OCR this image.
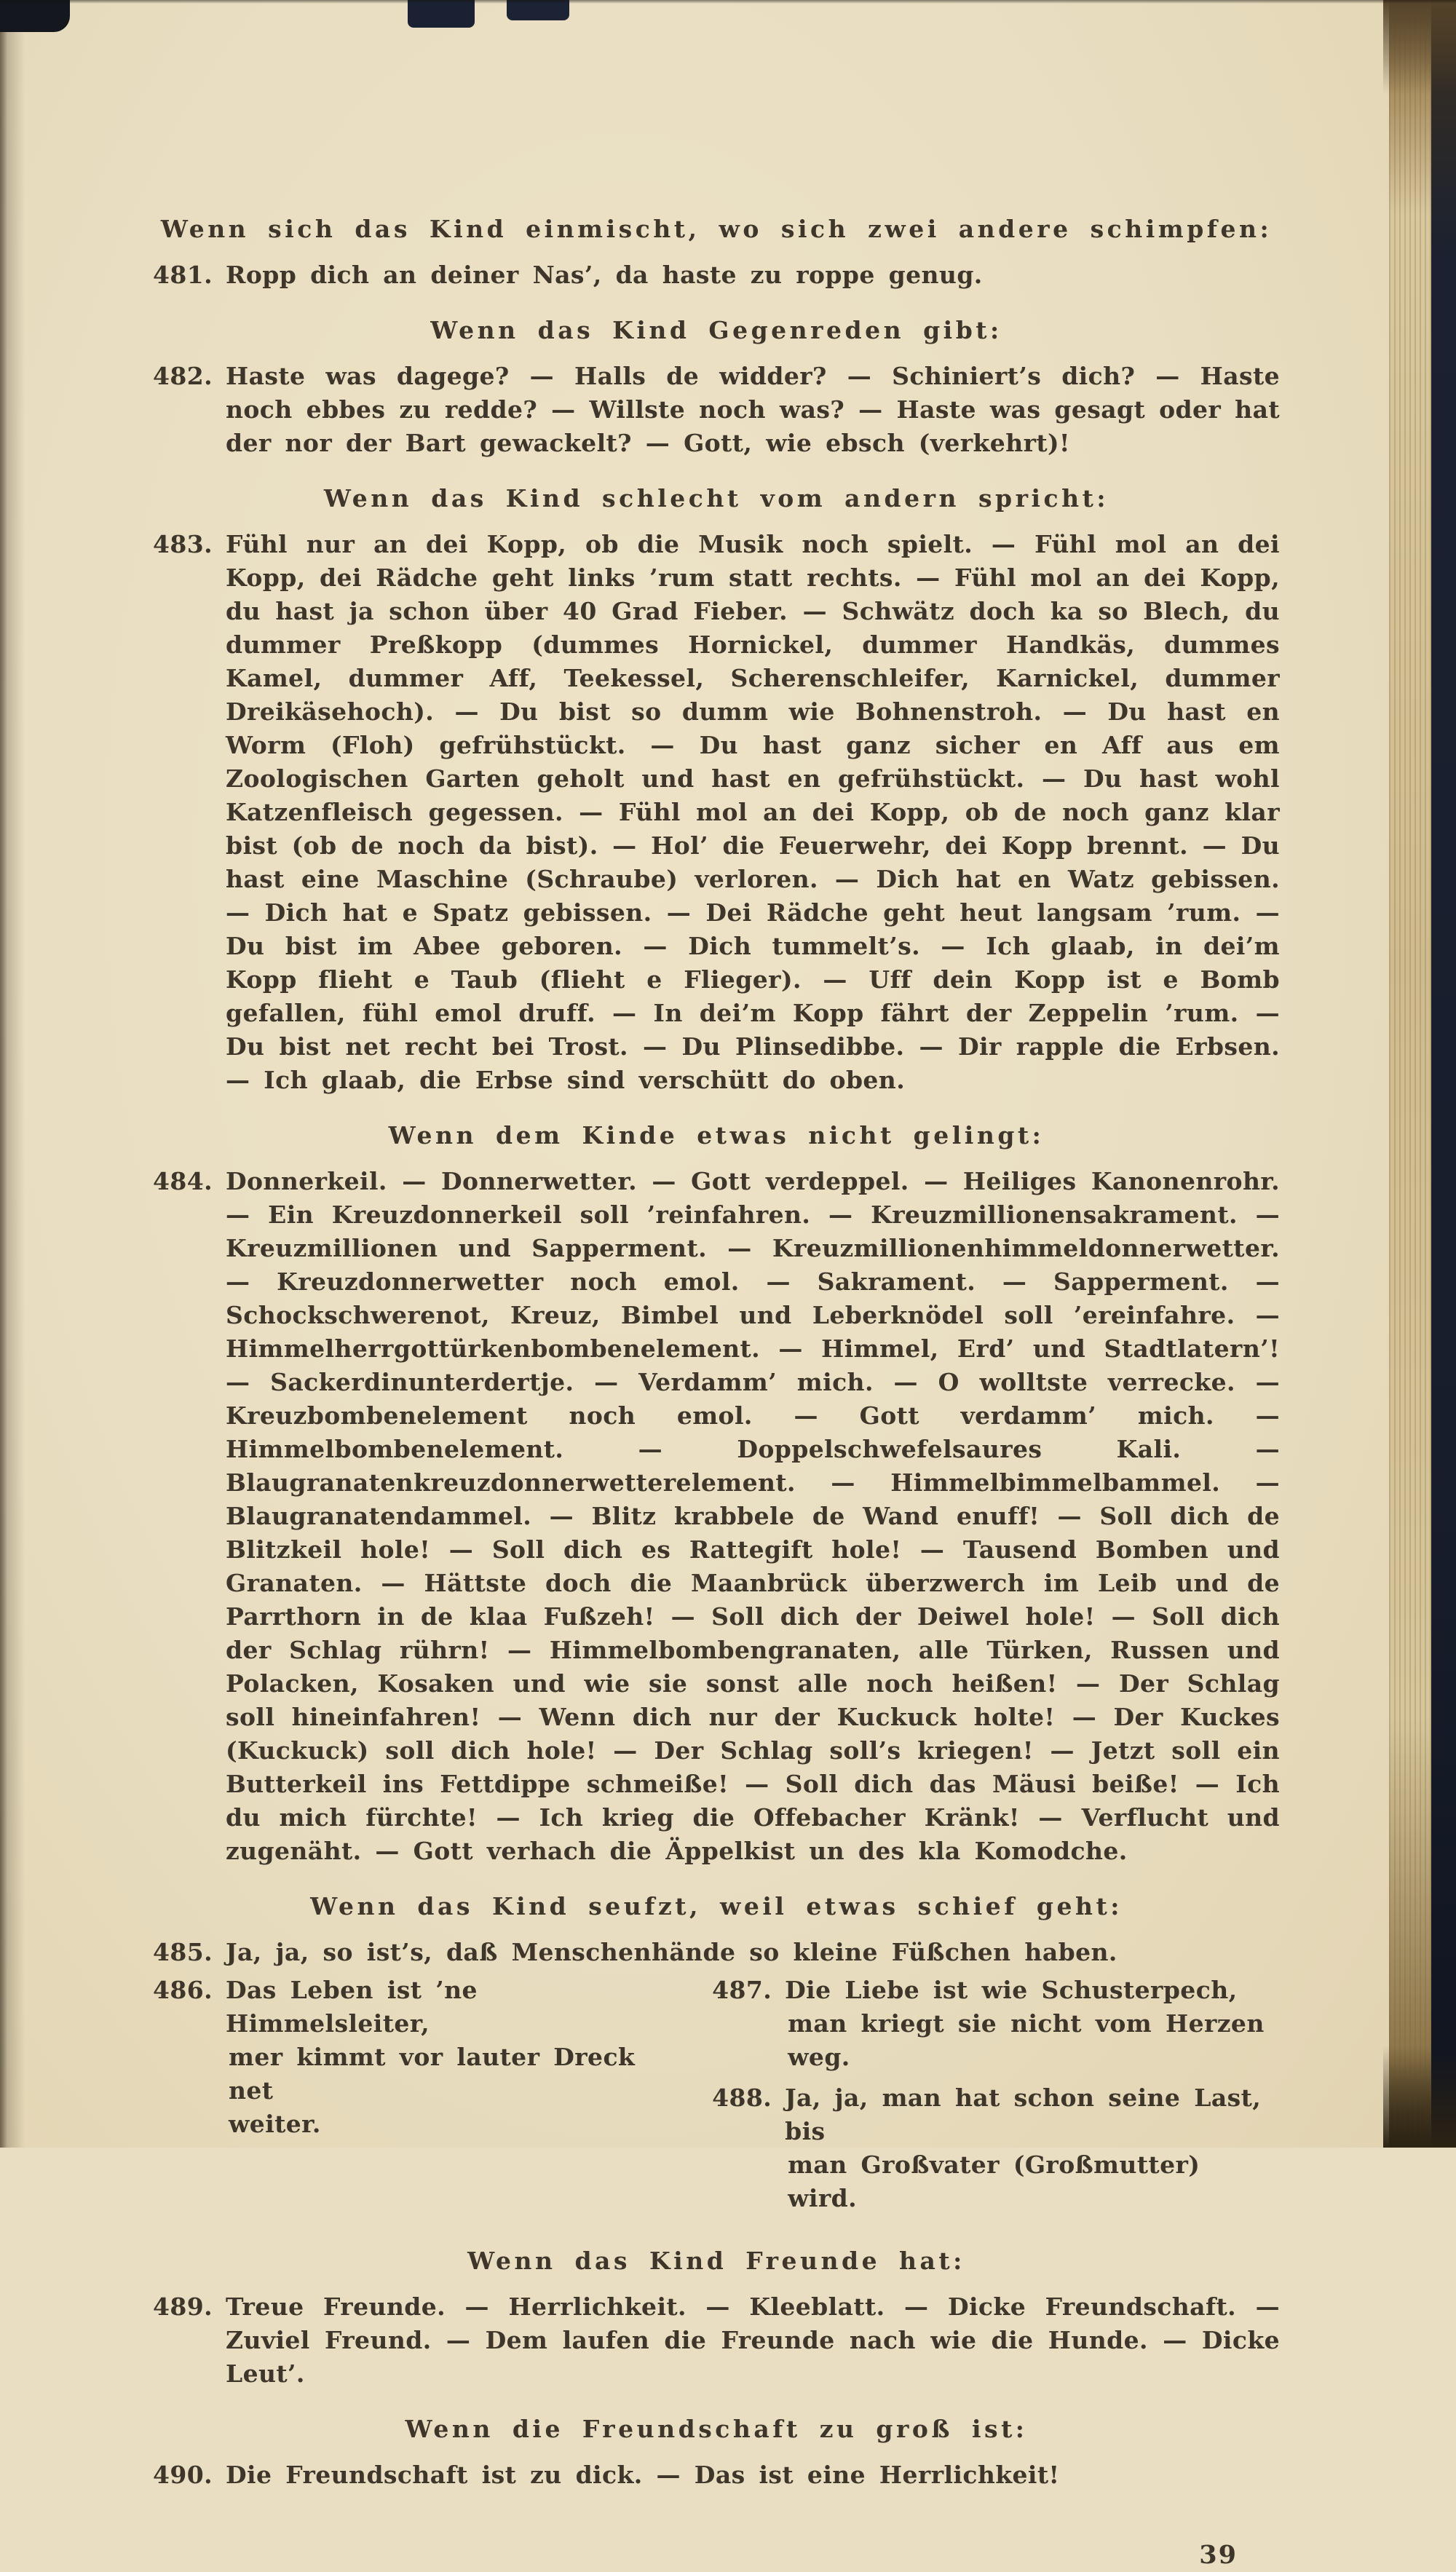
Wenn sich das Kind einmischt, wo sich zwei andere schimpfen:
481. Ropp dich an deiner Nas’, da haste zu roppe genug.
Wenn das Kind Gegenreden gibt:
482. Haste was dagege? — Halls de widder? — Schiniert’s dich? — Haste noch ebbes zu redde? — Willste noch was? — Haste was gesagt oder hat der nor der Bart gewackelt? — Gott, wie ebsch (verkehrt)!
Wenn das Kind schlecht vom andern spricht:
483. Fühl nur an dei Kopp, ob die Musik noch spielt. — Fühl mol an dei Kopp, dei Rädche geht links ’rum statt rechts. — Fühl mol an dei Kopp, du hast ja schon über 40 Grad Fieber. — Schwätz doch ka so Blech, du dummer Preßkopp (dummes Hornickel, dummer Handkäs, dummes Kamel, dummer Aff, Teekessel, Scherenschleifer, Karnickel, dummer Dreikäsehoch). — Du bist so dumm wie Bohnenstroh. — Du hast en Worm (Floh) gefrühstückt. — Du hast ganz sicher en Aff aus em Zoologischen Garten geholt und hast en gefrühstückt. — Du hast wohl Katzenfleisch gegessen. — Fühl mol an dei Kopp, ob de noch ganz klar bist (ob de noch da bist). — Hol’ die Feuerwehr, dei Kopp brennt. — Du hast eine Maschine (Schraube) verloren. — Dich hat en Watz gebissen. — Dich hat e Spatz gebissen. — Dei Rädche geht heut langsam ’rum. — Du bist im Abee geboren. — Dich tummelt’s. — Ich glaab, in dei’m Kopp flieht e Taub (flieht e Flieger). — Uff dein Kopp ist e Bomb gefallen, fühl emol druff. — In dei’m Kopp fährt der Zeppelin ’rum. — Du bist net recht bei Trost. — Du Plinsedibbe. — Dir rapple die Erbsen. — Ich glaab, die Erbse sind verschütt do oben.
Wenn dem Kinde etwas nicht gelingt:
484. Donnerkeil. — Donnerwetter. — Gott verdeppel. — Heiliges Kanonenrohr. — Ein Kreuzdonnerkeil soll ’reinfahren. — Kreuzmillionensakrament. — Kreuzmillionen und Sapperment. — Kreuzmillionenhimmeldonnerwetter. — Kreuzdonnerwetter noch emol. — Sakrament. — Sapperment. — Schockschwerenot, Kreuz, Bimbel und Leberknödel soll ’ereinfahre. — Himmelherrgottürkenbombenelement. — Himmel, Erd’ und Stadtlatern’! — Sackerdinunterdertje. — Verdamm’ mich. — O wolltste verrecke. — Kreuzbombenelement noch emol. — Gott verdamm’ mich. — Himmelbombenelement. — Doppelschwefelsaures Kali. — Blaugranatenkreuzdonnerwetterelement. — Himmelbimmelbammel. — Blaugranatendammel. — Blitz krabbele de Wand enuff! — Soll dich de Blitzkeil hole! — Soll dich es Rattegift hole! — Tausend Bomben und Granaten. — Hättste doch die Maanbrück überzwerch im Leib und de Parrthorn in de klaa Fußzeh! — Soll dich der Deiwel hole! — Soll dich der Schlag rührn! — Himmelbombengranaten, alle Türken, Russen und Polacken, Kosaken und wie sie sonst alle noch heißen! — Der Schlag soll hineinfahren! — Wenn dich nur der Kuckuck holte! — Der Kuckes (Kuckuck) soll dich hole! — Der Schlag soll’s kriegen! — Jetzt soll ein Butterkeil ins Fettdippe schmeiße! — Soll dich das Mäusi beiße! — Ich du mich fürchte! — Ich krieg die Offebacher Kränk! — Verflucht und zugenäht. — Gott verhach die Äppelkist un des kla Komodche.
Wenn das Kind seufzt, weil etwas schief geht:
485. Ja, ja, so ist’s, daß Menschenhände so kleine Füßchen haben.
486. Das Leben ist ’ne Himmelsleiter,
mer kimmt vor lauter Dreck net
weiter.
487. Die Liebe ist wie Schusterpech,
man kriegt sie nicht vom Herzen weg.
488. Ja, ja, man hat schon seine Last, bis
man Großvater (Großmutter) wird.
Wenn das Kind Freunde hat:
489. Treue Freunde. — Herrlichkeit. — Kleeblatt. — Dicke Freundschaft. — Zuviel Freund. — Dem laufen die Freunde nach wie die Hunde. — Dicke Leut’.
Wenn die Freundschaft zu groß ist:
490. Die Freundschaft ist zu dick. — Das ist eine Herrlichkeit!
39
